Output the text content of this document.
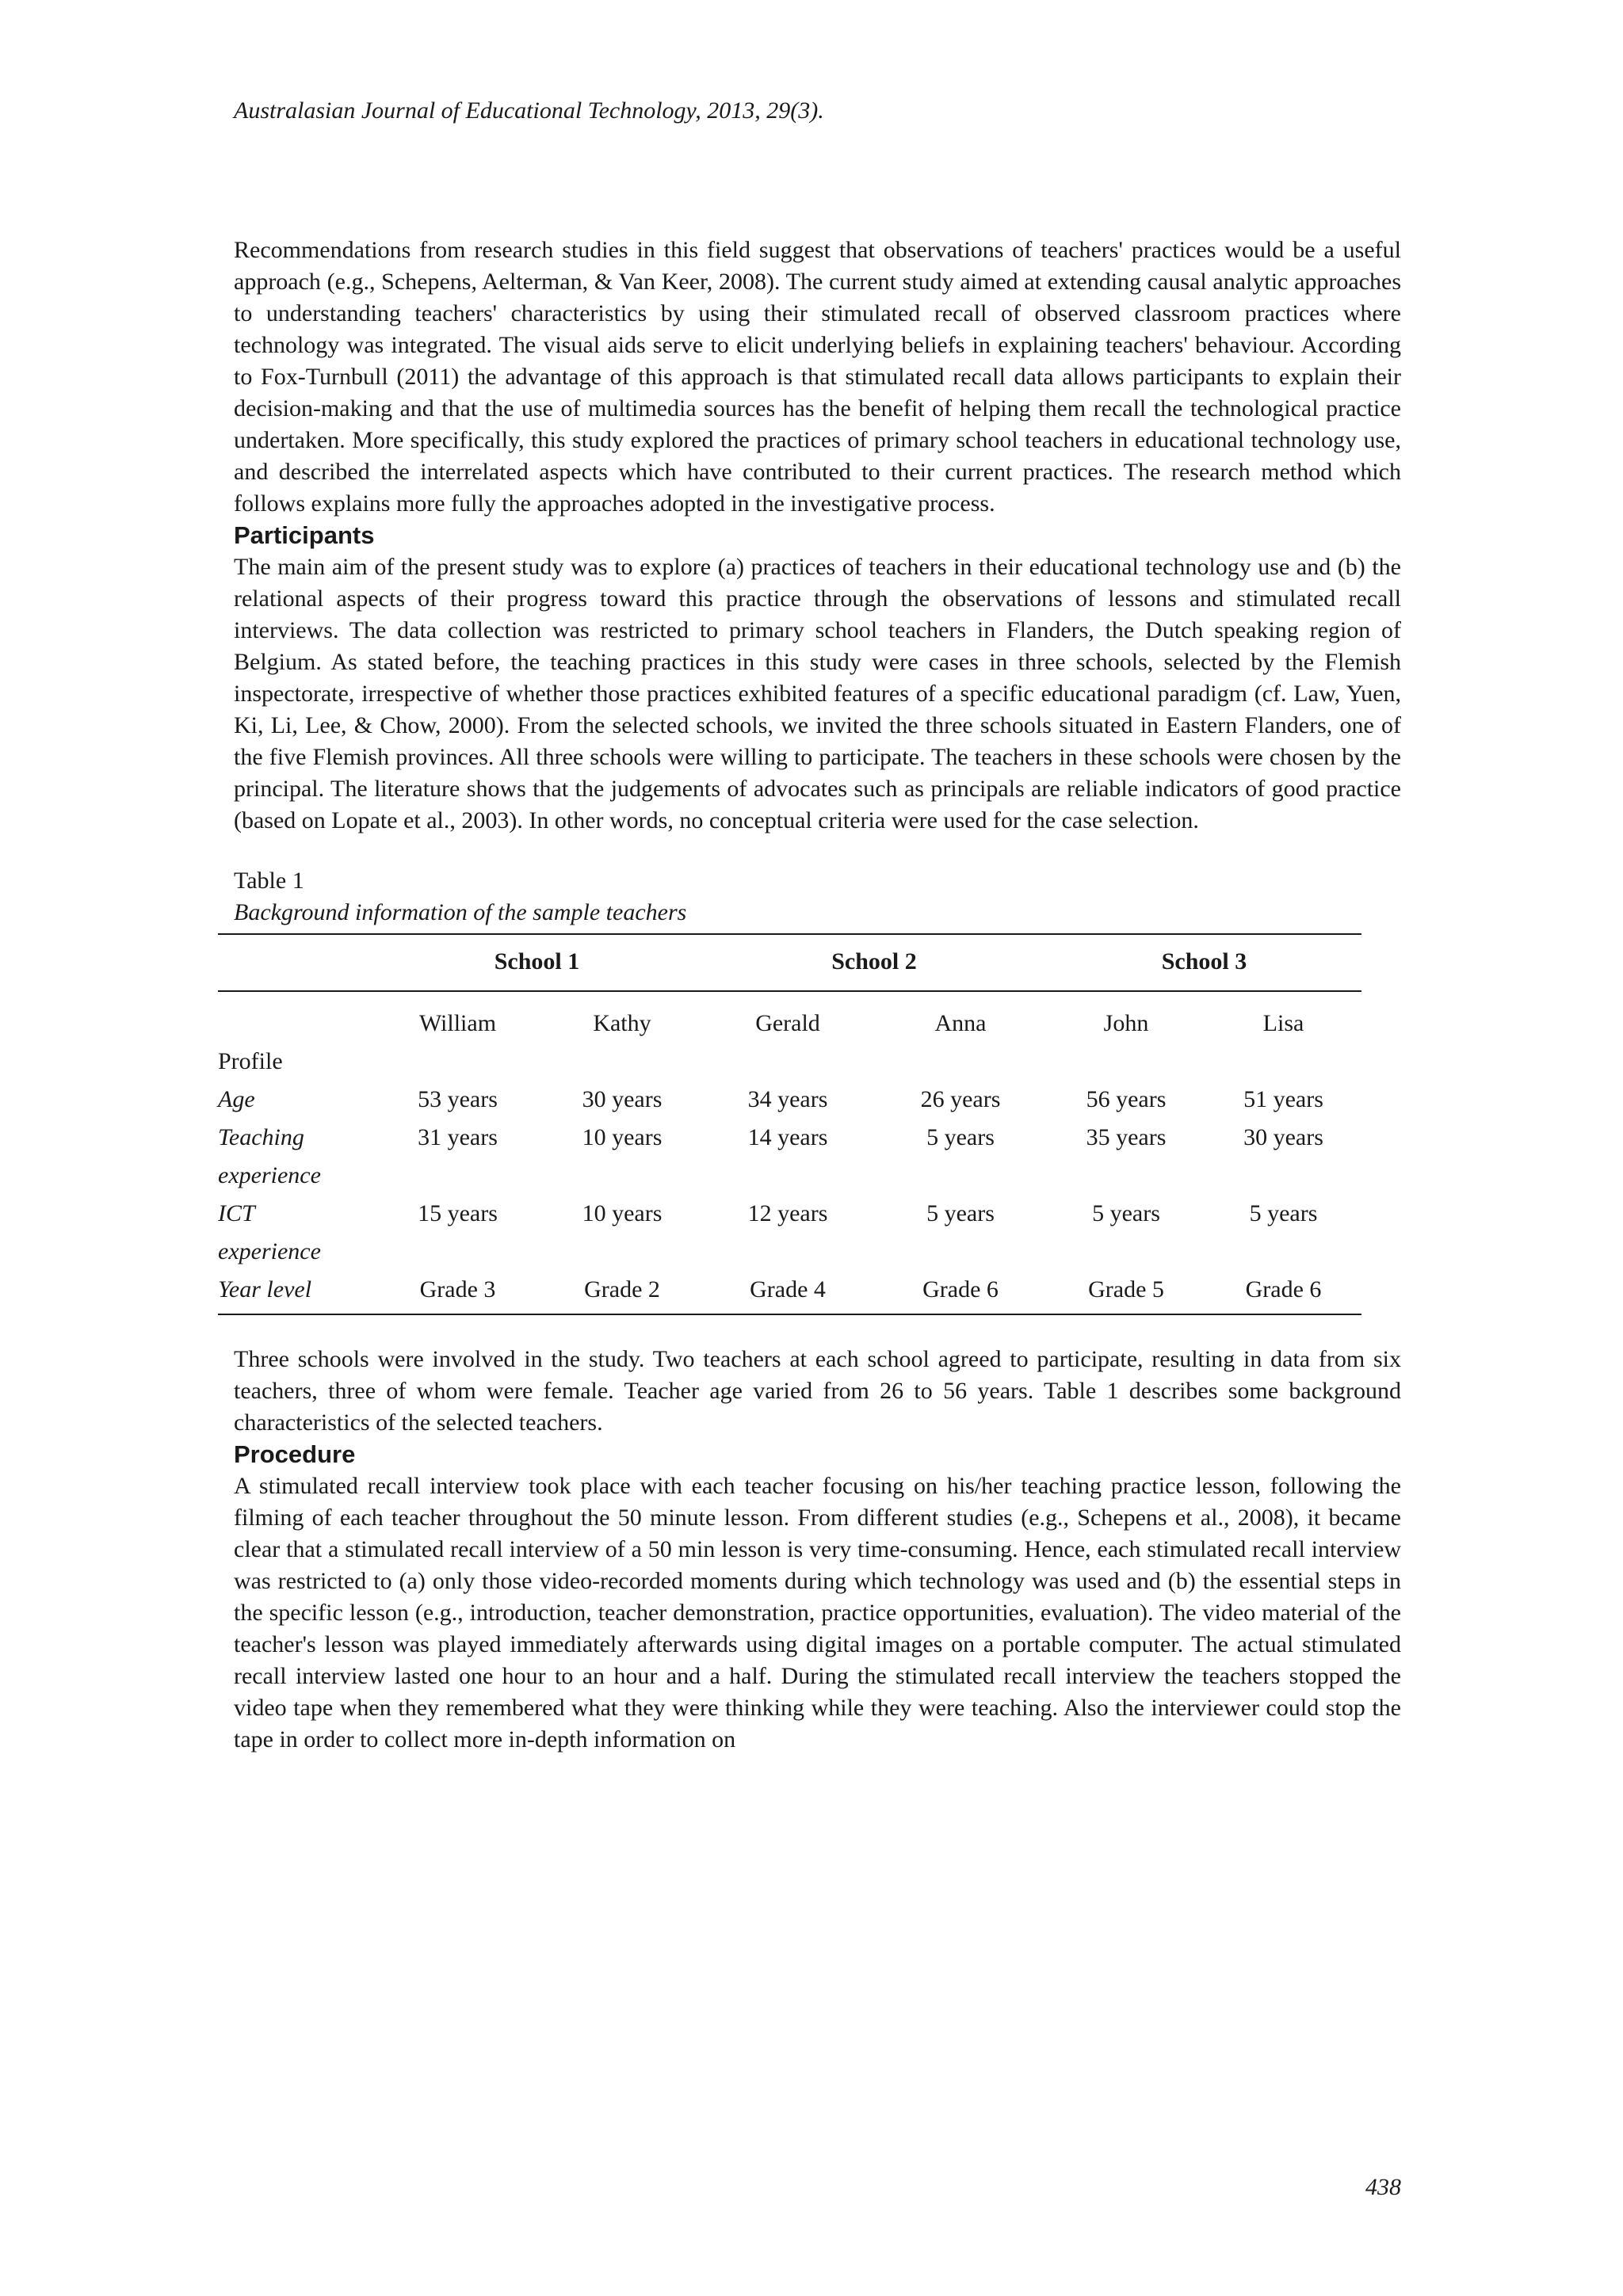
Australasian Journal of Educational Technology, 2013, 29(3).

Recommendations from research studies in this field suggest that observations of teachers' practices would be a useful approach (e.g., Schepens, Aelterman, & Van Keer, 2008). The current study aimed at extending causal analytic approaches to understanding teachers' characteristics by using their stimulated recall of observed classroom practices where technology was integrated. The visual aids serve to elicit underlying beliefs in explaining teachers' behaviour. According to Fox-Turnbull (2011) the advantage of this approach is that stimulated recall data allows participants to explain their decision-making and that the use of multimedia sources has the benefit of helping them recall the technological practice undertaken. More specifically, this study explored the practices of primary school teachers in educational technology use, and described the interrelated aspects which have contributed to their current practices. The research method which follows explains more fully the approaches adopted in the investigative process.

Participants

The main aim of the present study was to explore (a) practices of teachers in their educational technology use and (b) the relational aspects of their progress toward this practice through the observations of lessons and stimulated recall interviews. The data collection was restricted to primary school teachers in Flanders, the Dutch speaking region of Belgium. As stated before, the teaching practices in this study were cases in three schools, selected by the Flemish inspectorate, irrespective of whether those practices exhibited features of a specific educational paradigm (cf. Law, Yuen, Ki, Li, Lee, & Chow, 2000). From the selected schools, we invited the three schools situated in Eastern Flanders, one of the five Flemish provinces. All three schools were willing to participate. The teachers in these schools were chosen by the principal. The literature shows that the judgements of advocates such as principals are reliable indicators of good practice (based on Lopate et al., 2003). In other words, no conceptual criteria were used for the case selection.

Table 1
Background information of the sample teachers
	School 1		School 2		School 3	
	William	Kathy	Gerald	Anna	John	Lisa
Profile						
Age	53 years	30 years	34 years	26 years	56 years	51 years
Teaching
experience	31 years	10 years	14 years	5 years	35 years	30 years
ICT
experience	15 years	10 years	12 years	5 years	5 years	5 years
Year level	Grade 3	Grade 2	Grade 4	Grade 6	Grade 5	Grade 6

Three schools were involved in the study. Two teachers at each school agreed to participate, resulting in data from six teachers, three of whom were female. Teacher age varied from 26 to 56 years. Table 1 describes some background characteristics of the selected teachers.

Procedure

A stimulated recall interview took place with each teacher focusing on his/her teaching practice lesson, following the filming of each teacher throughout the 50 minute lesson. From different studies (e.g., Schepens et al., 2008), it became clear that a stimulated recall interview of a 50 min lesson is very time-consuming. Hence, each stimulated recall interview was restricted to (a) only those video-recorded moments during which technology was used and (b) the essential steps in the specific lesson (e.g., introduction, teacher demonstration, practice opportunities, evaluation). The video material of the teacher's lesson was played immediately afterwards using digital images on a portable computer. The actual stimulated recall interview lasted one hour to an hour and a half. During the stimulated recall interview the teachers stopped the video tape when they remembered what they were thinking while they were teaching. Also the interviewer could stop the tape in order to collect more in-depth information on

438
